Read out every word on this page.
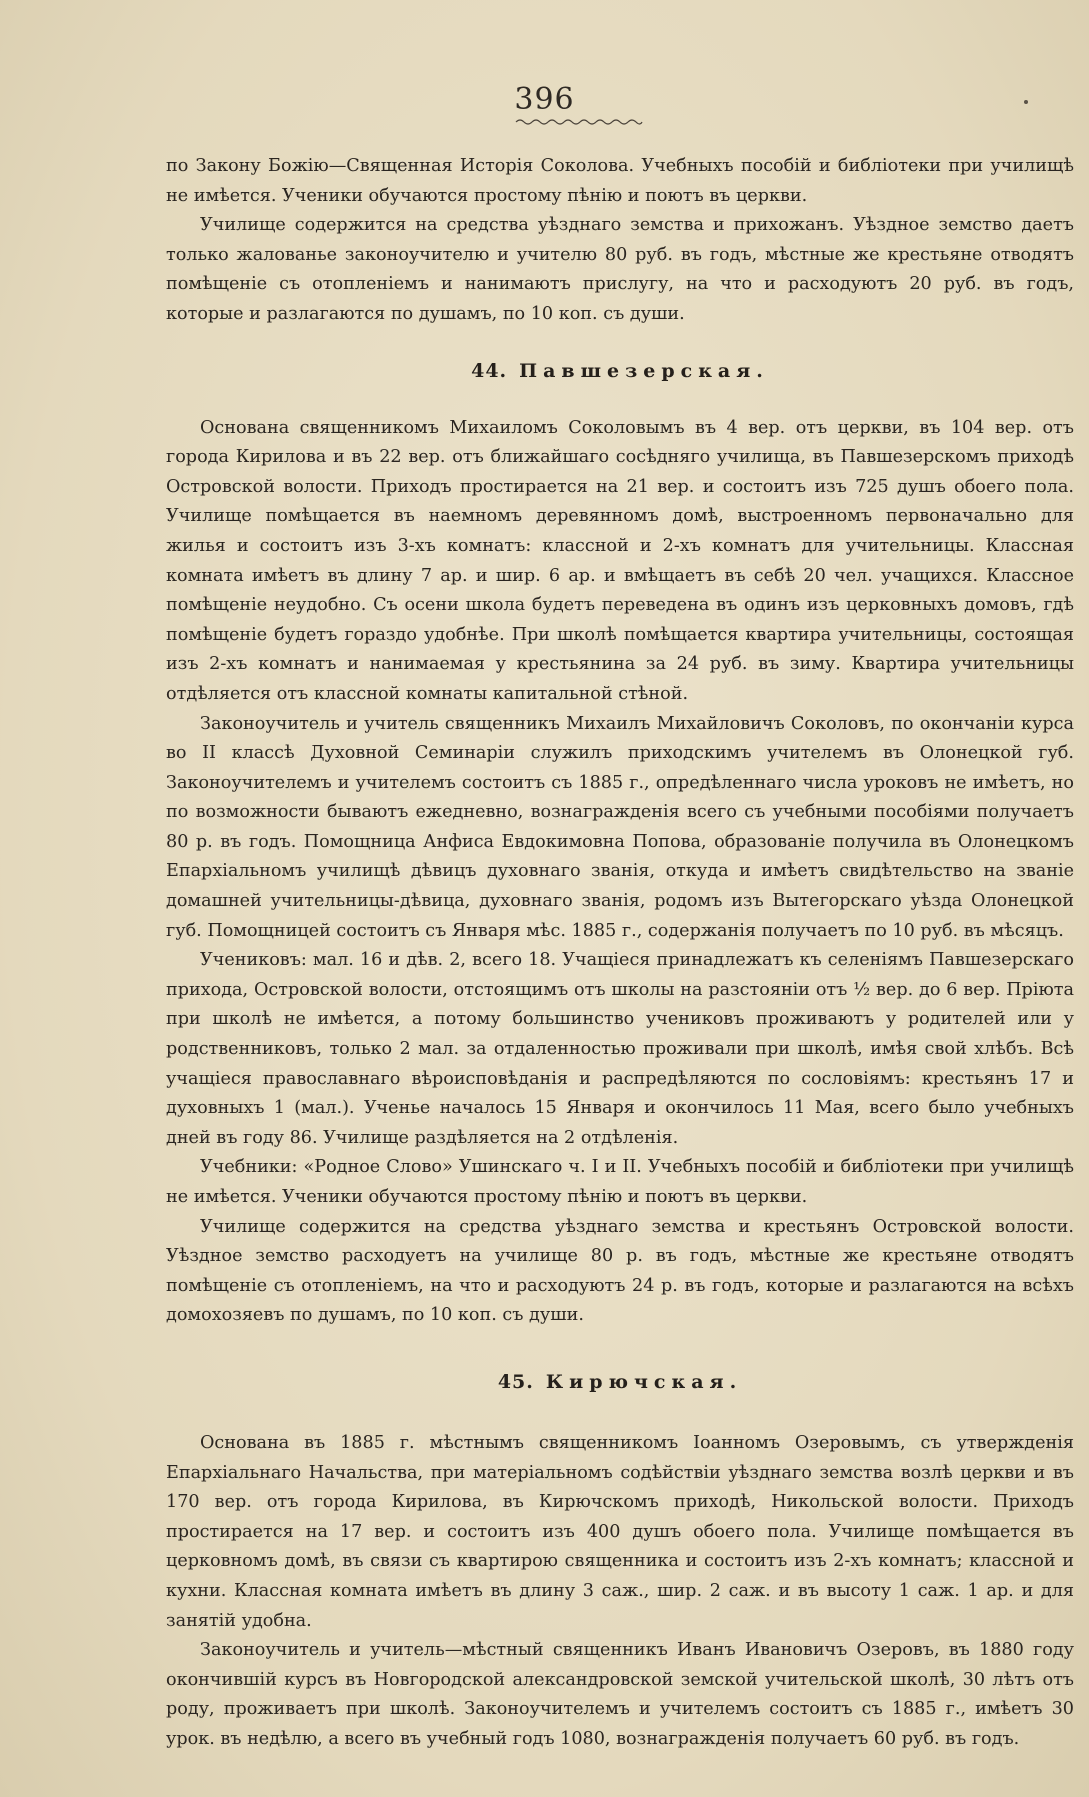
396

по Закону Божію—Священная Исторія Соколова. Учебныхъ пособій и библіотеки при училищѣ не имѣется. Ученики обучаются простому пѣнію и поютъ въ церкви.

Училище содержится на средства уѣзднаго земства и прихожанъ. Уѣздное земство даетъ только жалованье законоучителю и учителю 80 руб. въ годъ, мѣстные же крестьяне отводятъ помѣщеніе съ отопленіемъ и нанимаютъ прислугу, на что и расходуютъ 20 руб. въ годъ, которые и разлагаются по душамъ, по 10 коп. съ души.

44. Павшезерская.

Основана священникомъ Михаиломъ Соколовымъ въ 4 вер. отъ церкви, въ 104 вер. отъ города Кирилова и въ 22 вер. отъ ближайшаго сосѣдняго училища, въ Павшезерскомъ приходѣ Островской волости. Приходъ простирается на 21 вер. и состоитъ изъ 725 душъ обоего пола. Училище помѣщается въ наемномъ деревянномъ домѣ, выстроенномъ первоначально для жилья и состоитъ изъ 3-хъ комнатъ: классной и 2-хъ комнатъ для учительницы. Классная комната имѣетъ въ длину 7 ар. и шир. 6 ар. и вмѣщаетъ въ себѣ 20 чел. учащихся. Классное помѣщеніе неудобно. Съ осени школа будетъ переведена въ одинъ изъ церковныхъ домовъ, гдѣ помѣщеніе будетъ гораздо удобнѣе. При школѣ помѣщается квартира учительницы, состоящая изъ 2-хъ комнатъ и нанимаемая у крестьянина за 24 руб. въ зиму. Квартира учительницы отдѣляется отъ классной комнаты капитальной стѣной.

Законоучитель и учитель священникъ Михаилъ Михайловичъ Соколовъ, по окончаніи курса во II классѣ Духовной Семинаріи служилъ приходскимъ учителемъ въ Олонецкой губ. Законоучителемъ и учителемъ состоитъ съ 1885 г., опредѣленнаго числа уроковъ не имѣетъ, но по возможности бываютъ ежедневно, вознагражденія всего съ учебными пособіями получаетъ 80 р. въ годъ. Помощница Анфиса Евдокимовна Попова, образованіе получила въ Олонецкомъ Епархіальномъ училищѣ дѣвицъ духовнаго званія, откуда и имѣетъ свидѣтельство на званіе домашней учительницы-дѣвица, духовнаго званія, родомъ изъ Вытегорскаго уѣзда Олонецкой губ. Помощницей состоитъ съ Января мѣс. 1885 г., содержанія получаетъ по 10 руб. въ мѣсяцъ.

Учениковъ: мал. 16 и дѣв. 2, всего 18. Учащіеся принадлежатъ къ селеніямъ Павшезерскаго прихода, Островской волости, отстоящимъ отъ школы на разстояніи отъ ½ вер. до 6 вер. Пріюта при школѣ не имѣется, а потому большинство учениковъ проживаютъ у родителей или у родственниковъ, только 2 мал. за отдаленностью проживали при школѣ, имѣя свой хлѣбъ. Всѣ учащіеся православнаго вѣроисповѣданія и распредѣляются по сословіямъ: крестьянъ 17 и духовныхъ 1 (мал.). Ученье началось 15 Января и окончилось 11 Мая, всего было учебныхъ дней въ году 86. Училище раздѣляется на 2 отдѣленія.

Учебники: «Родное Слово» Ушинскаго ч. I и II. Учебныхъ пособій и библіотеки при училищѣ не имѣется. Ученики обучаются простому пѣнію и поютъ въ церкви.

Училище содержится на средства уѣзднаго земства и крестьянъ Островской волости. Уѣздное земство расходуетъ на училище 80 р. въ годъ, мѣстные же крестьяне отводятъ помѣщеніе съ отопленіемъ, на что и расходуютъ 24 р. въ годъ, которые и разлагаются на всѣхъ домохозяевъ по душамъ, по 10 коп. съ души.

45. Кирючская.

Основана въ 1885 г. мѣстнымъ священникомъ Іоанномъ Озеровымъ, съ утвержденія Епархіальнаго Начальства, при матеріальномъ содѣйствіи уѣзднаго земства возлѣ церкви и въ 170 вер. отъ города Кирилова, въ Кирючскомъ приходѣ, Никольской волости. Приходъ простирается на 17 вер. и состоитъ изъ 400 душъ обоего пола. Училище помѣщается въ церковномъ домѣ, въ связи съ квартирою священника и состоитъ изъ 2-хъ комнатъ; классной и кухни. Классная комната имѣетъ въ длину 3 саж., шир. 2 саж. и въ высоту 1 саж. 1 ар. и для занятій удобна.

Законоучитель и учитель—мѣстный священникъ Иванъ Ивановичъ Озеровъ, въ 1880 году окончившій курсъ въ Новгородской александровской земской учительской школѣ, 30 лѣтъ отъ роду, проживаетъ при школѣ. Законоучителемъ и учителемъ состоитъ съ 1885 г., имѣетъ 30 урок. въ недѣлю, а всего въ учебный годъ 1080, вознагражденія получаетъ 60 руб. въ годъ.
